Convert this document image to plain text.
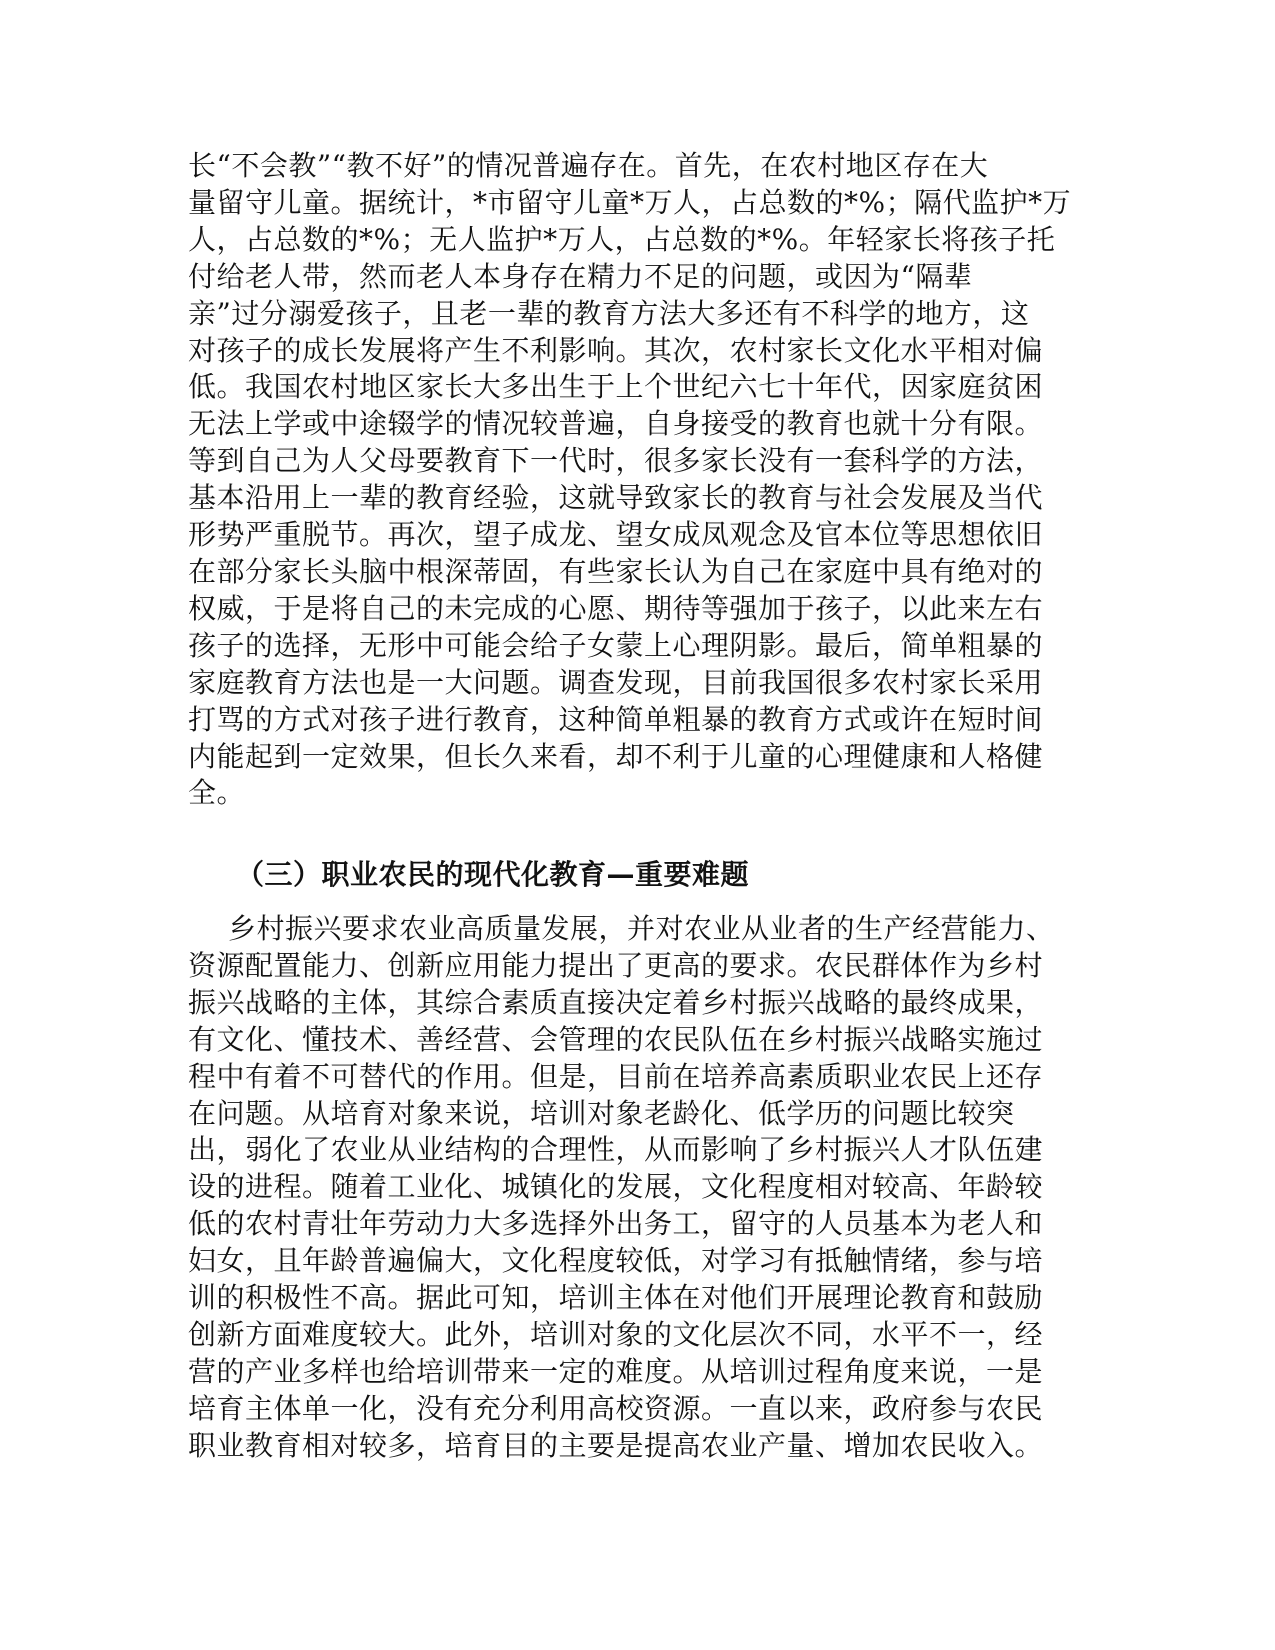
长“不会教”“教不好”的情况普遍存在。首先，在农村地区存在大
量留守儿童。据统计，*市留守儿童*万人，占总数的*%；隔代监护*万
人，占总数的*%；无人监护*万人，占总数的*%。年轻家长将孩子托
付给老人带，然而老人本身存在精力不足的问题，或因为“隔辈
亲”过分溺爱孩子，且老一辈的教育方法大多还有不科学的地方，这
对孩子的成长发展将产生不利影响。其次，农村家长文化水平相对偏
低。我国农村地区家长大多出生于上个世纪六七十年代，因家庭贫困
无法上学或中途辍学的情况较普遍，自身接受的教育也就十分有限。
等到自己为人父母要教育下一代时，很多家长没有一套科学的方法，
基本沿用上一辈的教育经验，这就导致家长的教育与社会发展及当代
形势严重脱节。再次，望子成龙、望女成凤观念及官本位等思想依旧
在部分家长头脑中根深蒂固，有些家长认为自己在家庭中具有绝对的
权威，于是将自己的未完成的心愿、期待等强加于孩子，以此来左右
孩子的选择，无形中可能会给子女蒙上心理阴影。最后，简单粗暴的
家庭教育方法也是一大问题。调查发现，目前我国很多农村家长采用
打骂的方式对孩子进行教育，这种简单粗暴的教育方式或许在短时间
内能起到一定效果，但长久来看，却不利于儿童的心理健康和人格健
全。
（三）职业农民的现代化教育—重要难题
乡村振兴要求农业高质量发展，并对农业从业者的生产经营能力、
资源配置能力、创新应用能力提出了更高的要求。农民群体作为乡村
振兴战略的主体，其综合素质直接决定着乡村振兴战略的最终成果，
有文化、懂技术、善经营、会管理的农民队伍在乡村振兴战略实施过
程中有着不可替代的作用。但是，目前在培养高素质职业农民上还存
在问题。从培育对象来说，培训对象老龄化、低学历的问题比较突
出，弱化了农业从业结构的合理性，从而影响了乡村振兴人才队伍建
设的进程。随着工业化、城镇化的发展，文化程度相对较高、年龄较
低的农村青壮年劳动力大多选择外出务工，留守的人员基本为老人和
妇女，且年龄普遍偏大，文化程度较低，对学习有抵触情绪，参与培
训的积极性不高。据此可知，培训主体在对他们开展理论教育和鼓励
创新方面难度较大。此外，培训对象的文化层次不同，水平不一，经
营的产业多样也给培训带来一定的难度。从培训过程角度来说，一是
培育主体单一化，没有充分利用高校资源。一直以来，政府参与农民
职业教育相对较多，培育目的主要是提高农业产量、增加农民收入。
